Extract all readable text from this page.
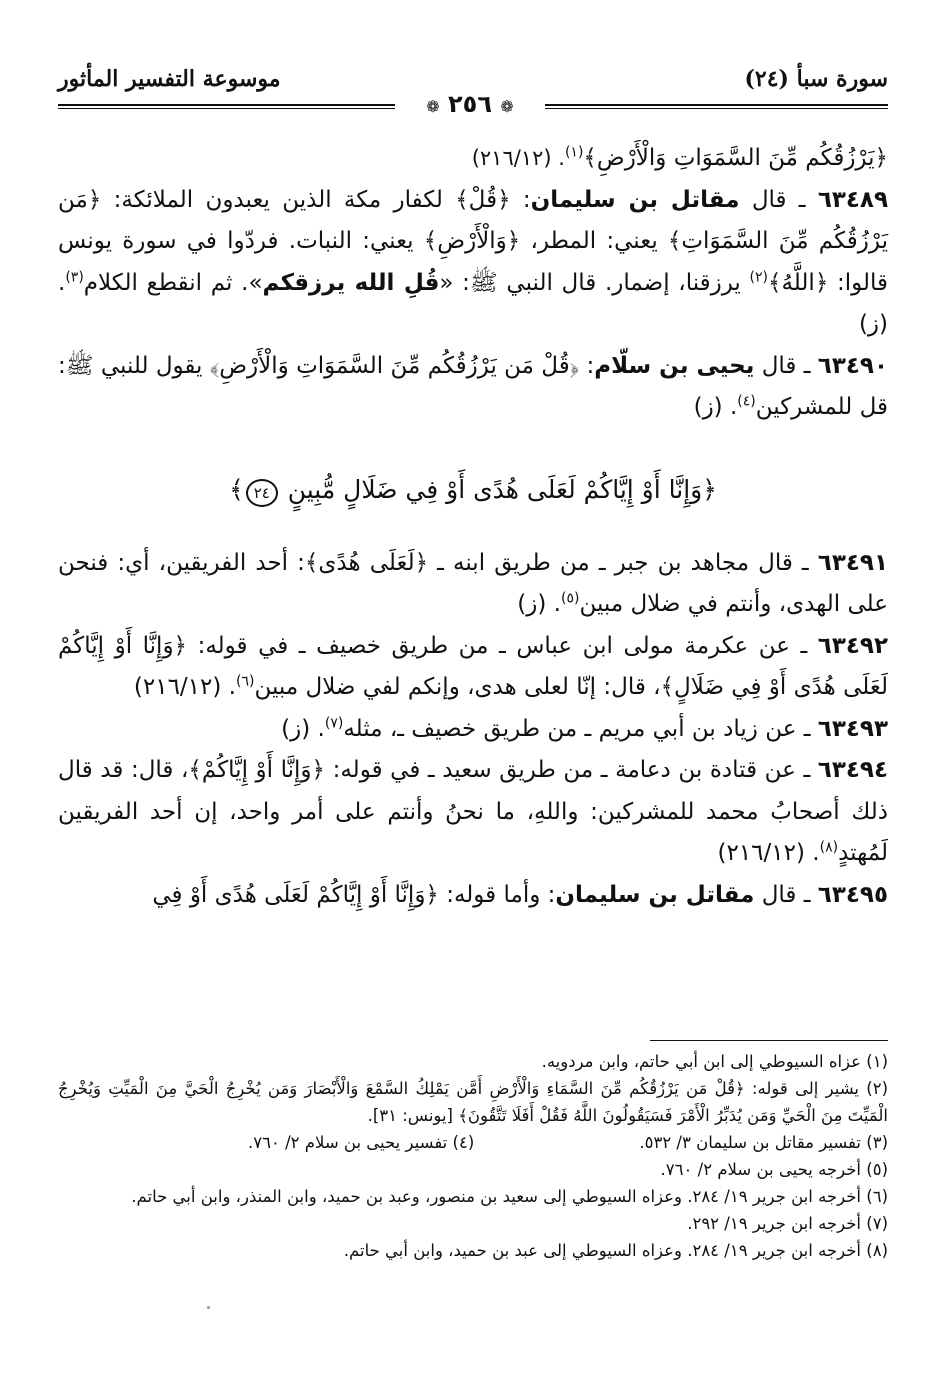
سورة سبأ (٢٤)
موسوعة التفسير المأثور
❁ ٢٥٦ ❁

﴿يَرْزُقُكُم مِّنَ السَّمَوَاتِ وَالْأَرْضِ﴾$^{(١)}$. (٢١٦/١٢)

٦٣٤٨٩ ـ قال مقاتل بن سليمان: ﴿قُلْ﴾ لكفار مكة الذين يعبدون الملائكة: ﴿مَن يَرْزُقُكُم مِّنَ السَّمَوَاتِ﴾ يعني: المطر، ﴿وَالْأَرْضِ﴾ يعني: النبات. فردّوا في سورة يونس قالوا: ﴿اللَّهُ﴾$^{(٢)}$ يرزقنا، إضمار. قال النبي ﷺ: «قُلِ الله يرزقكم». ثم انقطع الكلام$^{(٣)}$. (ز)

٦٣٤٩٠ ـ قال يحيى بن سلّام: ﴿قُلْ مَن يَرْزُقُكُم مِّنَ السَّمَوَاتِ وَالْأَرْضِ﴾ يقول للنبي ﷺ: قل للمشركين$^{(٤)}$. (ز)

﴿وَإِنَّا أَوْ إِيَّاكُمْ لَعَلَى هُدًى أَوْ فِي ضَلَالٍ مُّبِينٍ ٢٤﴾

٦٣٤٩١ ـ قال مجاهد بن جبر ـ من طريق ابنه ـ ﴿لَعَلَى هُدًى﴾: أحد الفريقين، أي: فنحن على الهدى، وأنتم في ضلال مبين$^{(٥)}$. (ز)

٦٣٤٩٢ ـ عن عكرمة مولى ابن عباس ـ من طريق خصيف ـ في قوله: ﴿وَإِنَّا أَوْ إِيَّاكُمْ لَعَلَى هُدًى أَوْ فِي ضَلَالٍ﴾، قال: إنّا لعلى هدى، وإنكم لفي ضلال مبين$^{(٦)}$. (٢١٦/١٢)

٦٣٤٩٣ ـ عن زياد بن أبي مريم ـ من طريق خصيف ـ، مثله$^{(٧)}$. (ز)

٦٣٤٩٤ ـ عن قتادة بن دعامة ـ من طريق سعيد ـ في قوله: ﴿وَإِنَّا أَوْ إِيَّاكُمْ﴾، قال: قد قال ذلك أصحابُ محمد للمشركين: واللهِ، ما نحنُ وأنتم على أمر واحد، إن أحد الفريقين لَمُهتدٍ$^{(٨)}$. (٢١٦/١٢)

٦٣٤٩٥ ـ قال مقاتل بن سليمان: وأما قوله: ﴿وَإِنَّا أَوْ إِيَّاكُمْ لَعَلَى هُدًى أَوْ فِي

(١) عزاه السيوطي إلى ابن أبي حاتم، وابن مردويه.

(٢) يشير إلى قوله: ﴿قُلْ مَن يَرْزُقُكُم مِّنَ السَّمَاءِ وَالْأَرْضِ أَمَّن يَمْلِكُ السَّمْعَ وَالْأَبْصَارَ وَمَن يُخْرِجُ الْحَيَّ مِنَ الْمَيِّتِ وَيُخْرِجُ الْمَيِّتَ مِنَ الْحَيِّ وَمَن يُدَبِّرُ الْأَمْرَ فَسَيَقُولُونَ اللَّهُ فَقُلْ أَفَلَا تَتَّقُونَ﴾ [يونس: ٣١].

(٣) تفسير مقاتل بن سليمان ٣/ ٥٣٢.
(٤) تفسير يحيى بن سلام ٢/ ٧٦٠.

(٥) أخرجه يحيى بن سلام ٢/ ٧٦٠.

(٦) أخرجه ابن جرير ١٩/ ٢٨٤. وعزاه السيوطي إلى سعيد بن منصور، وعبد بن حميد، وابن المنذر، وابن أبي حاتم.

(٧) أخرجه ابن جرير ١٩/ ٢٩٢.

(٨) أخرجه ابن جرير ١٩/ ٢٨٤. وعزاه السيوطي إلى عبد بن حميد، وابن أبي حاتم.
